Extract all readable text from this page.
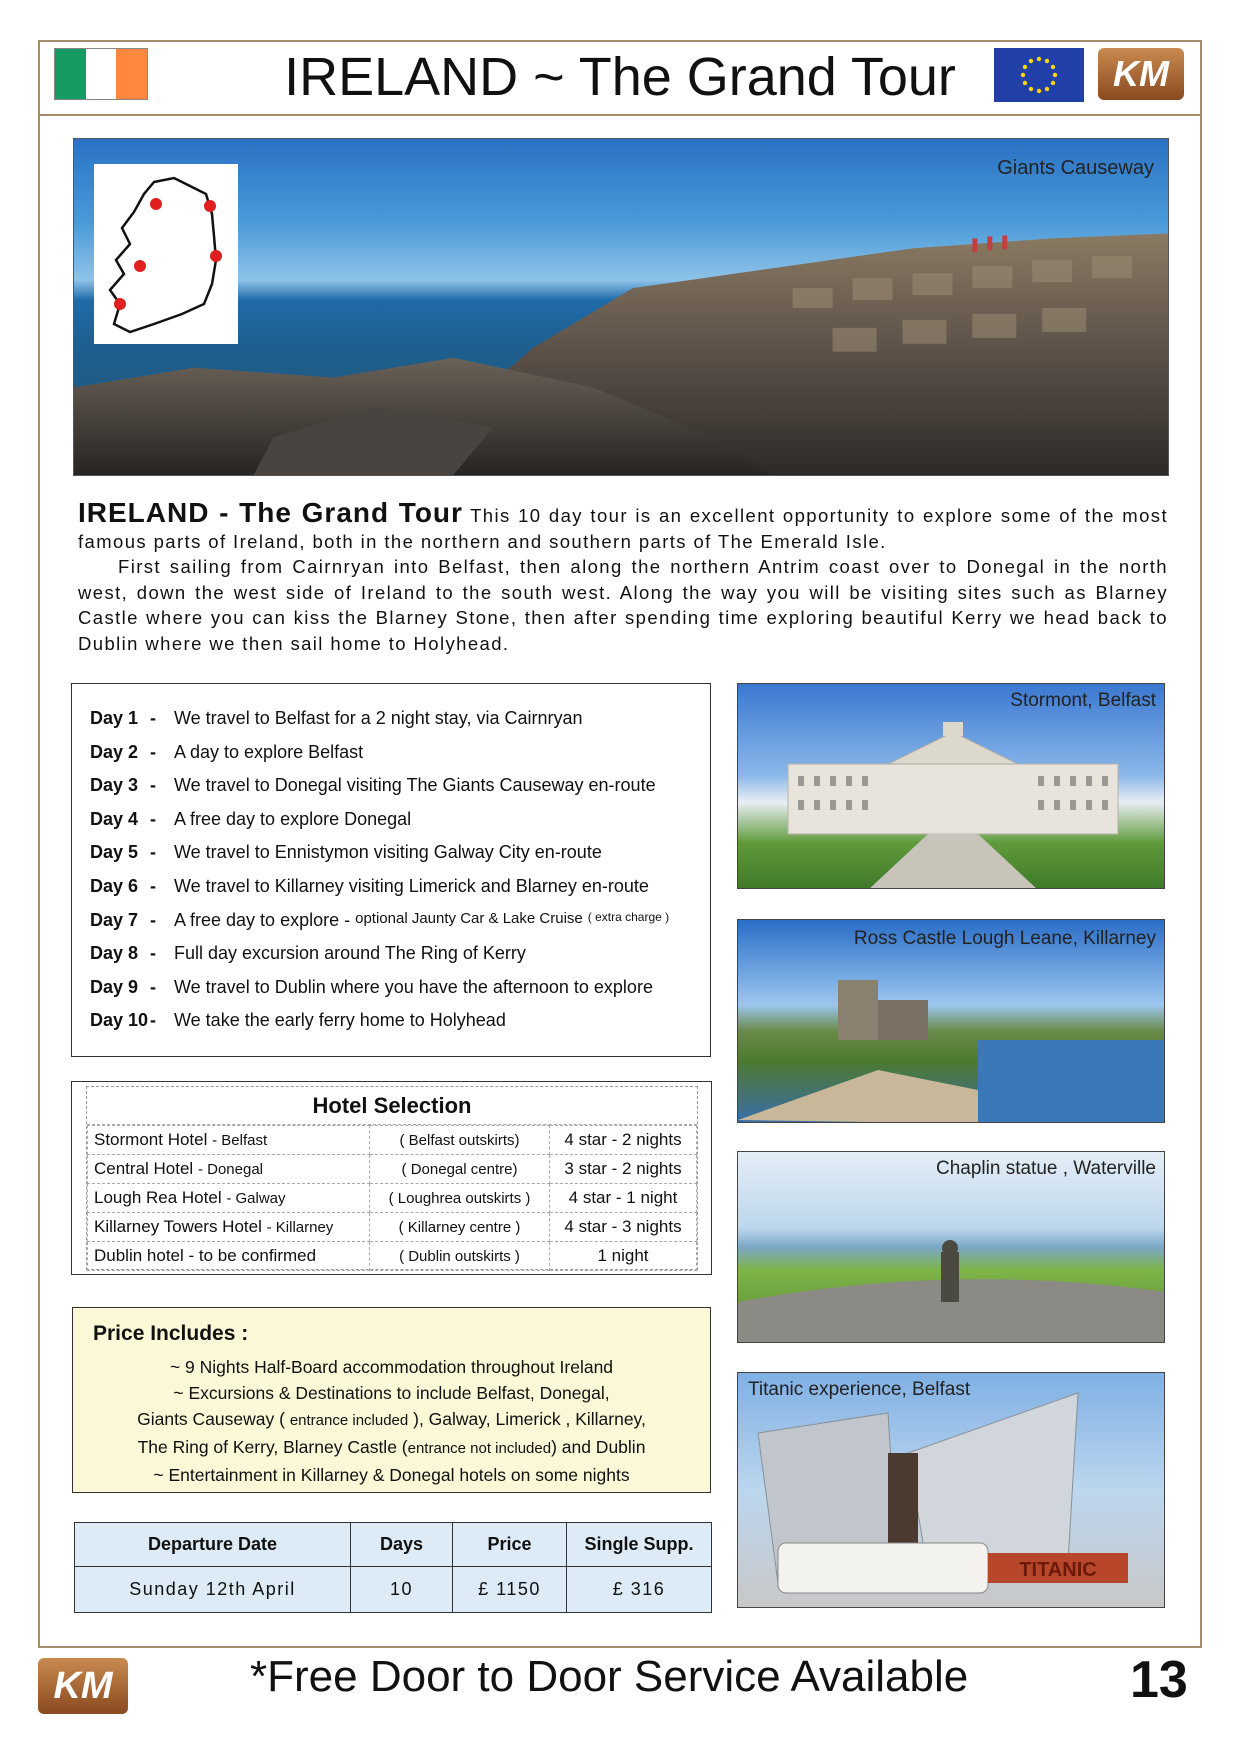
IRELAND ~ The Grand Tour	KM
Giants Causeway
IRELAND - The Grand Tour This 10 day tour is an excellent opportunity to explore some of the most famous parts of Ireland, both in the northern and southern parts of The Emerald Isle.
First sailing from Cairnryan into Belfast, then along the northern Antrim coast over to Donegal in the north west, down the west side of Ireland to the south west. Along the way you will be visiting sites such as Blarney Castle where you can kiss the Blarney Stone, then after spending time exploring beautiful Kerry we head back to Dublin where we then sail home to Holyhead.
Day 1 -	We travel to Belfast for a 2 night stay, via Cairnryan
Day 2 -	A day to explore Belfast
Day 3 -	We travel to Donegal visiting The Giants Causeway en-route
Day 4 -	A free day to explore Donegal
Day 5 -	We travel to Ennistymon visiting Galway City en-route
Day 6 -	We travel to Killarney visiting Limerick and Blarney en-route
Day 7 -	A free day to explore -
optional Jaunty Car & Lake Cruise
( extra charge )
Day 8 -	Full day excursion around The Ring of Kerry
Day 9 -	We travel to Dublin where you have the afternoon to explore
Day 10 -	We take the early ferry home to Holyhead
Hotel Selection
Stormont Hotel - Belfast	( Belfast outskirts)	4 star - 2 nights
Central Hotel - Donegal	( Donegal centre)	3 star - 2 nights
Lough Rea Hotel - Galway	( Loughrea outskirts )	4 star - 1 night
Killarney Towers Hotel - Killarney	( Killarney centre )	4 star - 3 nights
Dublin hotel - to be confirmed	( Dublin outskirts )	1 night
Price Includes :
~ 9 Nights Half-Board accommodation throughout Ireland
~ Excursions & Destinations to include Belfast, Donegal,
Giants Causeway ( entrance included ), Galway, Limerick , Killarney,
The Ring of Kerry, Blarney Castle (entrance not included) and Dublin
~ Entertainment in Killarney & Donegal hotels on some nights
Departure Date	Days	Price	Single Supp.
Sunday 12th April	10	£ 1150	£ 316
Stormont, Belfast
Ross Castle Lough Leane, Killarney
Chaplin statue , Waterville
TITANIC
Titanic experience, Belfast
KM	*Free Door to Door Service Available	13
